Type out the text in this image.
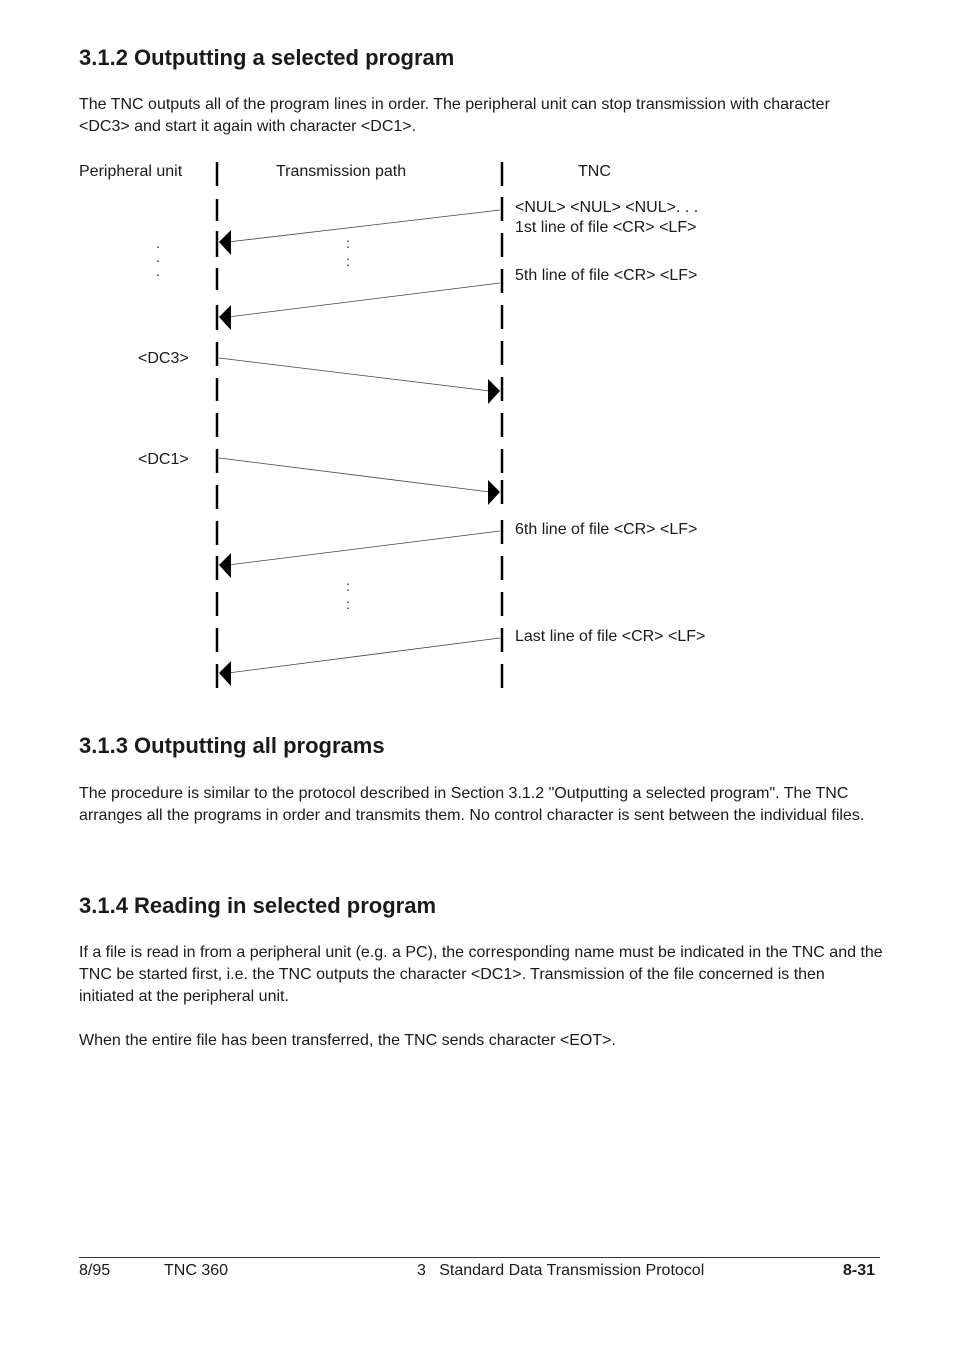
3.1.2 Outputting a selected program

The TNC outputs all of the program lines in order. The peripheral unit can stop transmission with character <DC3> and start it again with character <DC1>.

Peripheral unit	Transmission path	TNC
.
.
.
:
:
:
:
<DC3>
<DC1>
<NUL> <NUL> <NUL>. . .
1st line of file <CR> <LF>
5th line of file <CR> <LF>
6th line of file <CR> <LF>
Last line of file <CR> <LF>
3.1.3 Outputting all programs

The procedure is similar to the protocol described in Section 3.1.2 "Outputting a selected program". The TNC arranges all the programs in order and transmits them. No control character is sent between the individual files.

3.1.4 Reading in selected program

If a file is read in from a peripheral unit (e.g. a PC), the corresponding name must be indicated in the TNC and the TNC be started first, i.e. the TNC outputs the character <DC1>. Transmission of the file concerned is then initiated at the peripheral unit.

When the entire file has been transferred, the TNC sends character <EOT>.

8/95	TNC 360	3   Standard Data Transmission Protocol	8-31
